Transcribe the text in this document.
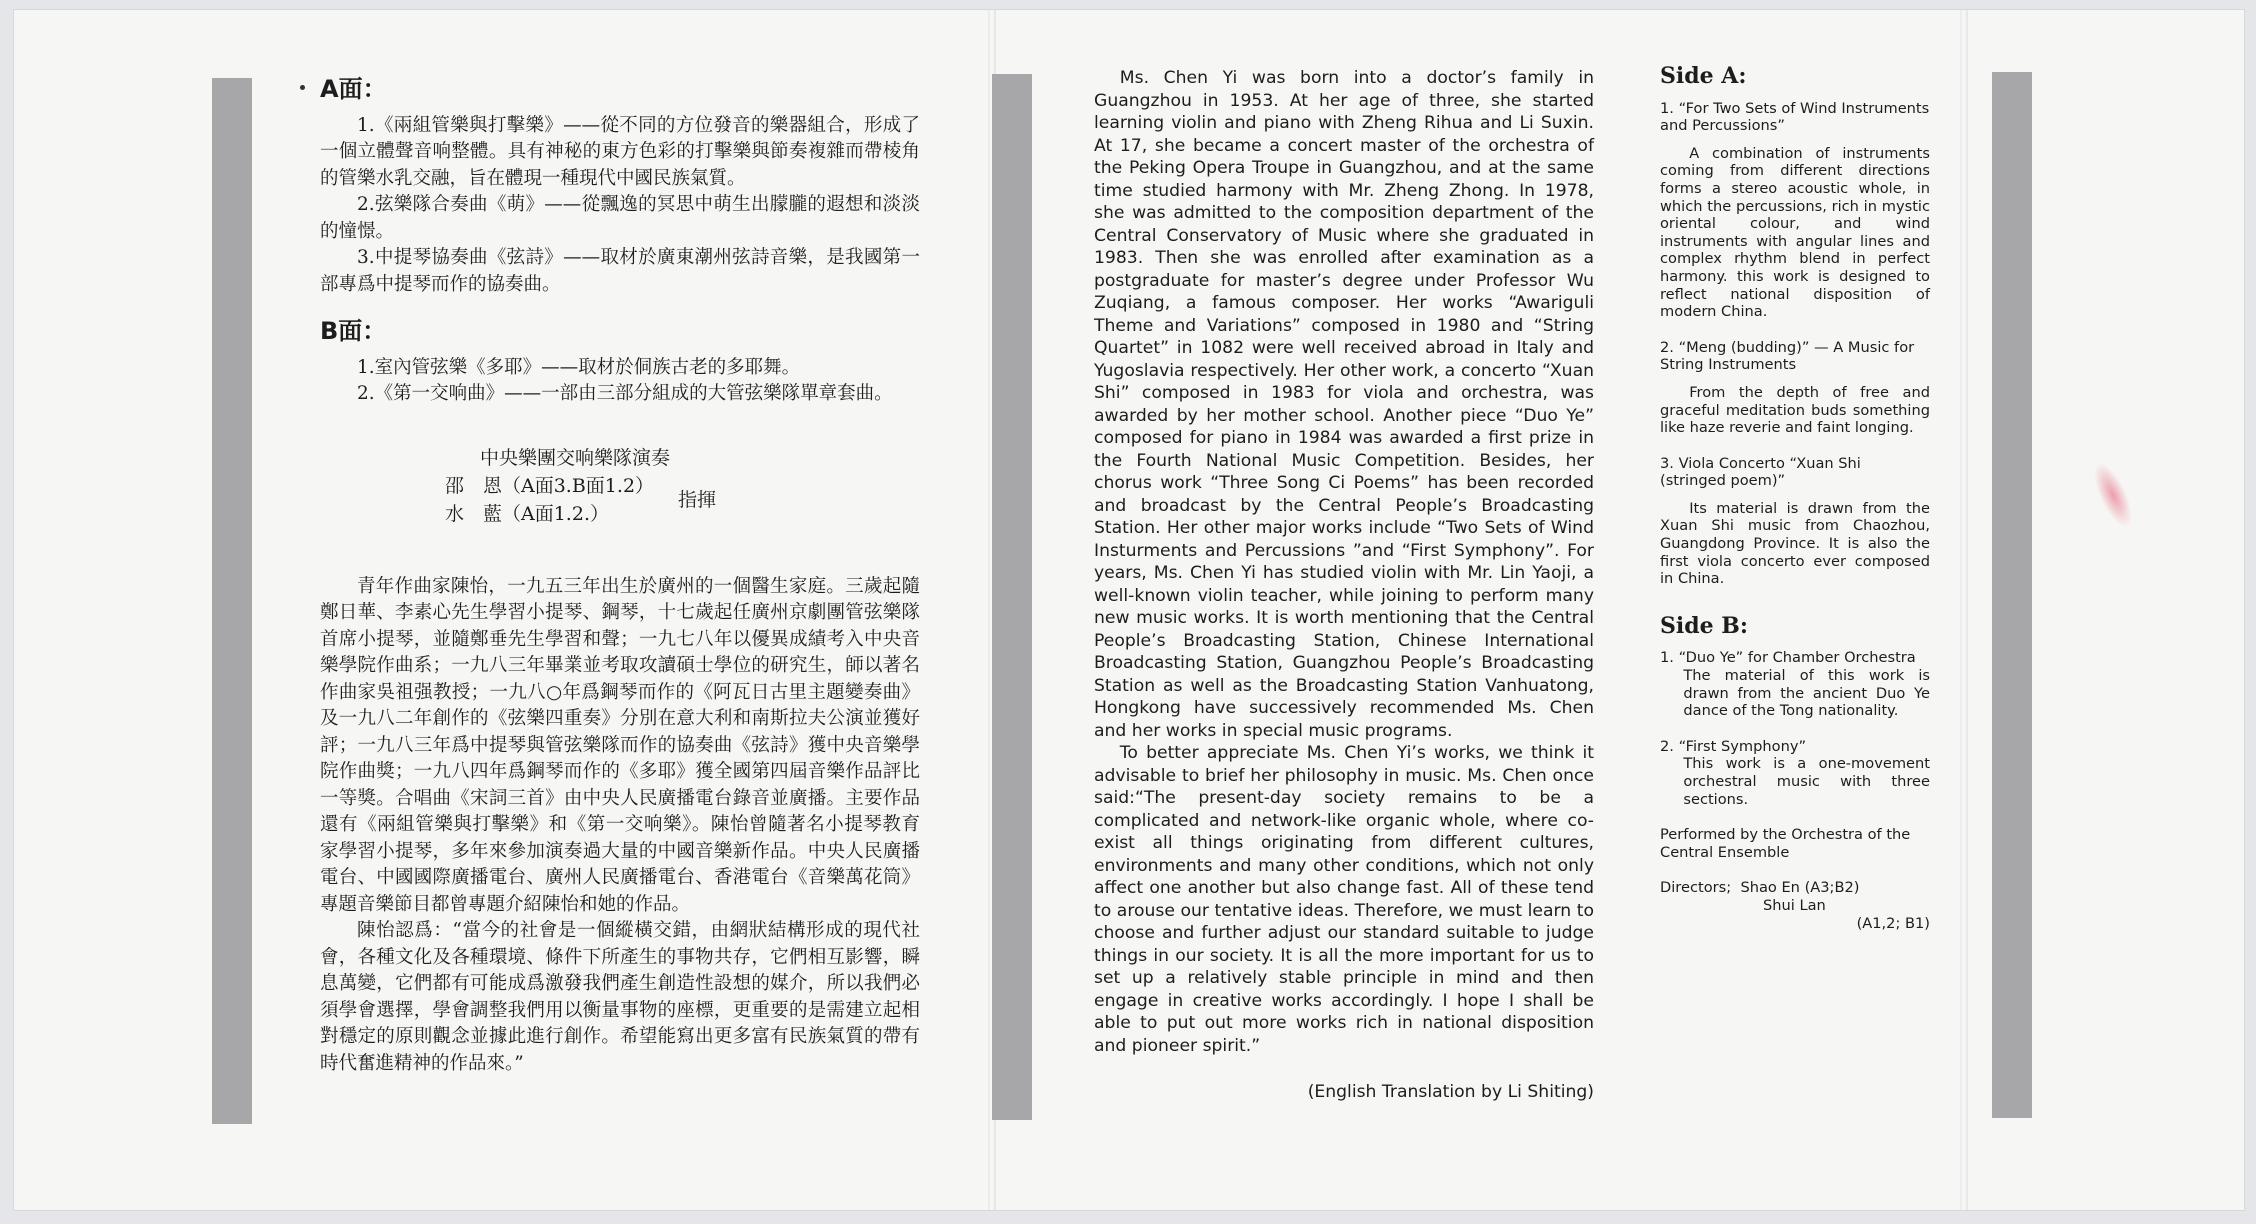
A面：

1.《兩組管樂與打擊樂》——從不同的方位發音的樂器組合，形成了一個立體聲音响整體。具有神秘的東方色彩的打擊樂與節奏複雜而帶棱角的管樂水乳交融，旨在體現一種現代中國民族氣質。

2.弦樂隊合奏曲《萌》——從飄逸的冥思中萌生出朦朧的遐想和淡淡的憧憬。

3.中提琴協奏曲《弦詩》——取材於廣東潮州弦詩音樂，是我國第一部專爲中提琴而作的協奏曲。

B面：

1.室內管弦樂《多耶》——取材於侗族古老的多耶舞。

2.《第一交响曲》——一部由三部分組成的大管弦樂隊單章套曲。

中央樂團交响樂隊演奏
邵　恩（A面3.B面1.2）
水　藍（A面1.2.）
指揮

青年作曲家陳怡，一九五三年出生於廣州的一個醫生家庭。三歲起隨鄭日華、李素心先生學習小提琴、鋼琴，十七歲起任廣州京劇團管弦樂隊首席小提琴，並隨鄭垂先生學習和聲；一九七八年以優異成績考入中央音樂學院作曲系；一九八三年畢業並考取攻讀碩士學位的研究生，師以著名作曲家吳祖强教授；一九八○年爲鋼琴而作的《阿瓦日古里主題變奏曲》及一九八二年創作的《弦樂四重奏》分別在意大利和南斯拉夫公演並獲好評；一九八三年爲中提琴與管弦樂隊而作的協奏曲《弦詩》獲中央音樂學院作曲獎；一九八四年爲鋼琴而作的《多耶》獲全國第四屆音樂作品評比一等獎。合唱曲《宋詞三首》由中央人民廣播電台錄音並廣播。主要作品還有《兩組管樂與打擊樂》和《第一交响樂》。陳怡曾隨著名小提琴教育家學習小提琴，多年來參加演奏過大量的中國音樂新作品。中央人民廣播電台、中國國際廣播電台、廣州人民廣播電台、香港電台《音樂萬花筒》專題音樂節目都曾專題介紹陳怡和她的作品。

陳怡認爲：“當今的社會是一個縱橫交錯，由網狀結構形成的現代社會，各種文化及各種環境、條件下所產生的事物共存，它們相互影響，瞬息萬變，它們都有可能成爲激發我們產生創造性設想的媒介，所以我們必須學會選擇，學會調整我們用以衡量事物的座標，更重要的是需建立起相對穩定的原則觀念並據此進行創作。希望能寫出更多富有民族氣質的帶有時代奮進精神的作品來。”

Ms. Chen Yi was born into a doctor’s family in Guangzhou in 1953. At her age of three, she started learning violin and piano with Zheng Rihua and Li Suxin. At 17, she became a concert master of the orchestra of the Peking Opera Troupe in Guangzhou, and at the same time studied harmony with Mr. Zheng Zhong. In 1978, she was admitted to the composition department of the Central Conservatory of Music where she graduated in 1983. Then she was enrolled after examination as a postgraduate for master’s degree under Professor Wu Zuqiang, a famous composer. Her works “Awariguli Theme and Variations” composed in 1980 and “String Quartet” in 1082 were well received abroad in Italy and Yugoslavia respectively. Her other work, a concerto “Xuan Shi” composed in 1983 for viola and orchestra, was awarded by her mother school. Another piece “Duo Ye” composed for piano in 1984 was awarded a first prize in the Fourth National Music Competition. Besides, her chorus work “Three Song Ci Poems” has been recorded and broadcast by the Central People’s Broadcasting Station. Her other major works include “Two Sets of Wind Insturments and Percussions ”and “First Symphony”. For years, Ms. Chen Yi has studied violin with Mr. Lin Yaoji, a well-known violin teacher, while joining to perform many new music works. It is worth mentioning that the Central People’s Broadcasting Station, Chinese International Broadcasting Station, Guangzhou People’s Broadcasting Station as well as the Broadcasting Station Vanhuatong, Hongkong have successively recommended Ms. Chen and her works in special music programs.

To better appreciate Ms. Chen Yi’s works, we think it advisable to brief her philosophy in music. Ms. Chen once said:“The present-day society remains to be a complicated and network-like organic whole, where co-exist all things originating from different cultures, environments and many other conditions, which not only affect one another but also change fast. All of these tend to arouse our tentative ideas. Therefore, we must learn to choose and further adjust our standard suitable to judge things in our society. It is all the more important for us to set up a relatively stable principle in mind and then engage in creative works accordingly. I hope I shall be able to put out more works rich in national disposition and pioneer spirit.”

(English Translation by Li Shiting)

Side A:

1. “For Two Sets of Wind Instruments and Percussions”

A combination of instruments coming from different directions forms a stereo acoustic whole, in which the percussions, rich in mystic oriental colour, and wind instruments with angular lines and complex rhythm blend in perfect harmony. this work is designed to reflect national disposition of modern China.

2. “Meng (budding)” — A Music for String Instruments

From the depth of free and graceful meditation buds something like haze reverie and faint longing.

3. Viola Concerto “Xuan Shi (stringed poem)”

Its material is drawn from the Xuan Shi music from Chaozhou, Guangdong Province. It is also the first viola concerto ever composed in China.

Side B:

1. “Duo Ye” for Chamber Orchestra

The material of this work is drawn from the ancient Duo Ye dance of the Tong nationality.

2. “First Symphony”

This work is a one-movement orchestral music with three sections.

Performed by the Orchestra of the Central Ensemble

Directors; Shao En (A3;B2)
Shui Lan
(A1,2; B1)
